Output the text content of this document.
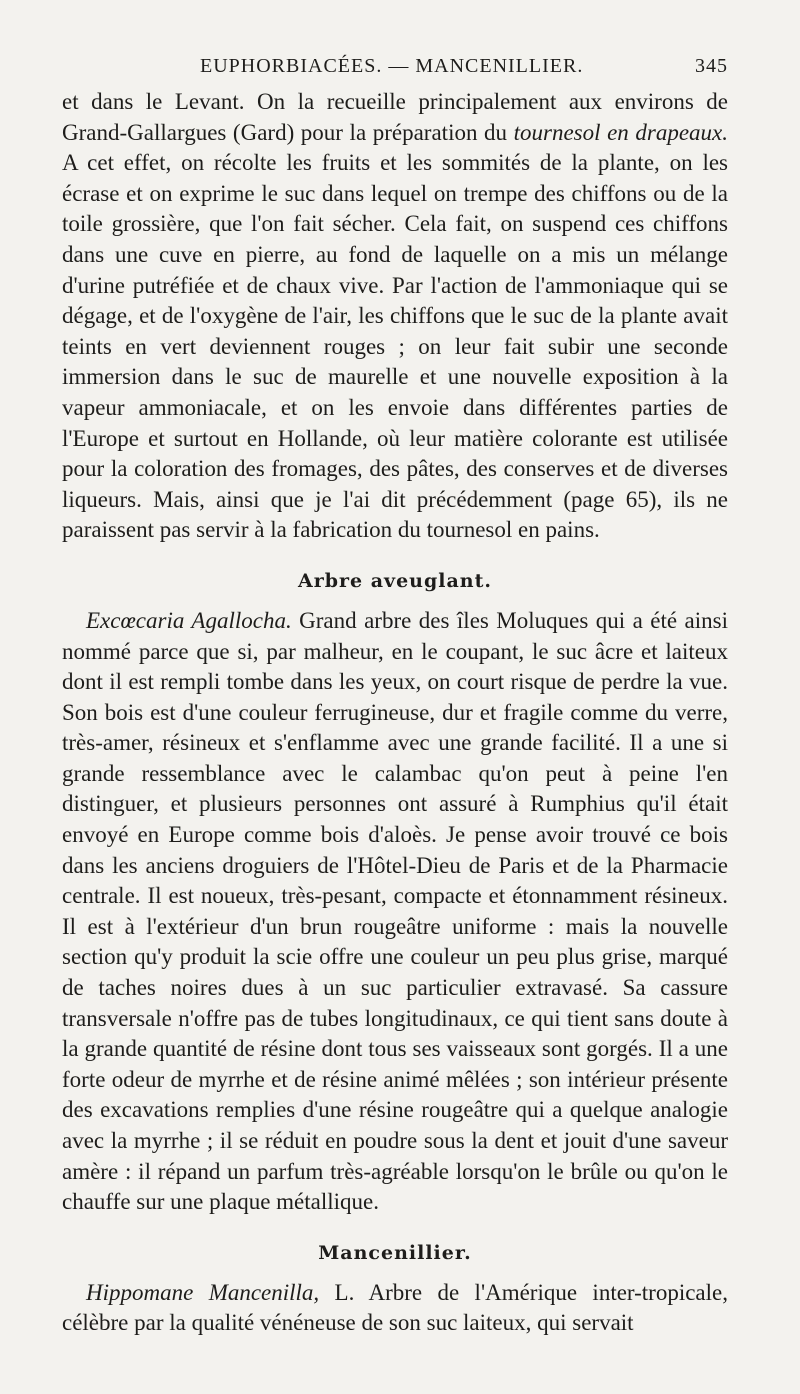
EUPHORBIACÉES. — MANCENILLIER.	345

et dans le Levant. On la recueille principalement aux environs de Grand-Gallargues (Gard) pour la préparation du tournesol en drapeaux. A cet effet, on récolte les fruits et les sommités de la plante, on les écrase et on exprime le suc dans lequel on trempe des chiffons ou de la toile grossière, que l'on fait sécher. Cela fait, on suspend ces chiffons dans une cuve en pierre, au fond de laquelle on a mis un mélange d'urine putréfiée et de chaux vive. Par l'action de l'ammoniaque qui se dégage, et de l'oxygène de l'air, les chiffons que le suc de la plante avait teints en vert deviennent rouges ; on leur fait subir une seconde immersion dans le suc de maurelle et une nouvelle exposition à la vapeur ammoniacale, et on les envoie dans différentes parties de l'Europe et surtout en Hollande, où leur matière colorante est utilisée pour la coloration des fromages, des pâtes, des conserves et de diverses liqueurs. Mais, ainsi que je l'ai dit précédemment (page 65), ils ne paraissent pas servir à la fabrication du tournesol en pains.

Arbre aveuglant.

Excœcaria Agallocha. Grand arbre des îles Moluques qui a été ainsi nommé parce que si, par malheur, en le coupant, le suc âcre et laiteux dont il est rempli tombe dans les yeux, on court risque de perdre la vue. Son bois est d'une couleur ferrugineuse, dur et fragile comme du verre, très-amer, résineux et s'enflamme avec une grande facilité. Il a une si grande ressemblance avec le calambac qu'on peut à peine l'en distinguer, et plusieurs personnes ont assuré à Rumphius qu'il était envoyé en Europe comme bois d'aloès. Je pense avoir trouvé ce bois dans les anciens droguiers de l'Hôtel-Dieu de Paris et de la Pharmacie centrale. Il est noueux, très-pesant, compacte et étonnamment résineux. Il est à l'extérieur d'un brun rougeâtre uniforme : mais la nouvelle section qu'y produit la scie offre une couleur un peu plus grise, marqué de taches noires dues à un suc particulier extravasé. Sa cassure transversale n'offre pas de tubes longitudinaux, ce qui tient sans doute à la grande quantité de résine dont tous ses vaisseaux sont gorgés. Il a une forte odeur de myrrhe et de résine animé mêlées ; son intérieur présente des excavations remplies d'une résine rougeâtre qui a quelque analogie avec la myrrhe ; il se réduit en poudre sous la dent et jouit d'une saveur amère : il répand un parfum très-agréable lorsqu'on le brûle ou qu'on le chauffe sur une plaque métallique.

Mancenillier.

Hippomane Mancenilla, L. Arbre de l'Amérique inter-tropicale, célèbre par la qualité vénéneuse de son suc laiteux, qui servait
